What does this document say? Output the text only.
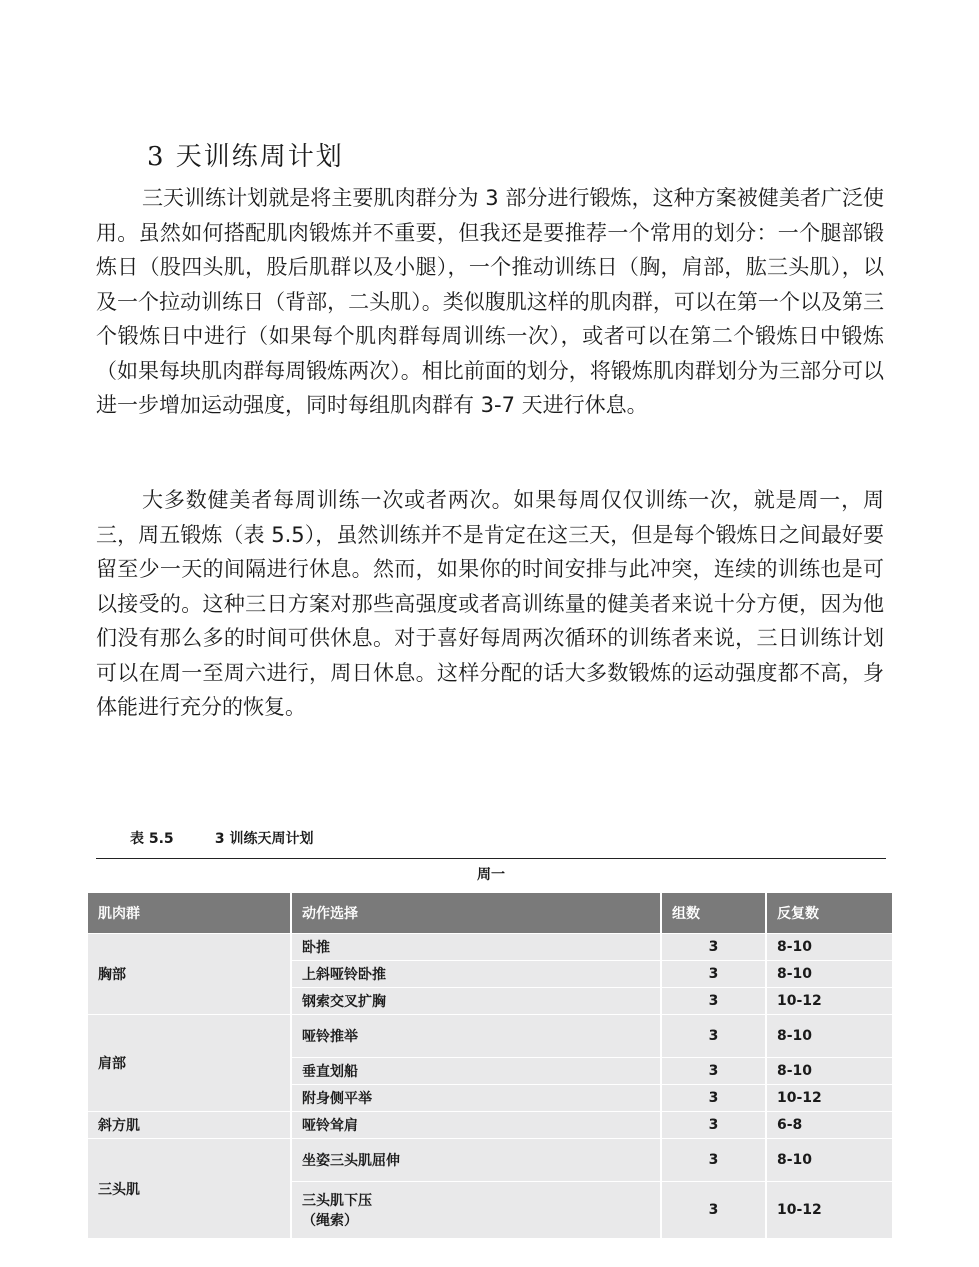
3 天训练周计划

三天训练计划就是将主要肌肉群分为 3 部分进行锻炼，这种方案被健美者广泛使用。虽然如何搭配肌肉锻炼并不重要，但我还是要推荐一个常用的划分：一个腿部锻炼日（股四头肌，股后肌群以及小腿），一个推动训练日（胸，肩部，肱三头肌），以及一个拉动训练日（背部，二头肌）。类似腹肌这样的肌肉群，可以在第一个以及第三个锻炼日中进行（如果每个肌肉群每周训练一次），或者可以在第二个锻炼日中锻炼（如果每块肌肉群每周锻炼两次）。相比前面的划分，将锻炼肌肉群划分为三部分可以进一步增加运动强度，同时每组肌肉群有 3-7 天进行休息。

大多数健美者每周训练一次或者两次。如果每周仅仅训练一次，就是周一，周三，周五锻炼（表 5.5），虽然训练并不是肯定在这三天，但是每个锻炼日之间最好要留至少一天的间隔进行休息。然而，如果你的时间安排与此冲突，连续的训练也是可以接受的。这种三日方案对那些高强度或者高训练量的健美者来说十分方便，因为他们没有那么多的时间可供休息。对于喜好每周两次循环的训练者来说，三日训练计划可以在周一至周六进行，周日休息。这样分配的话大多数锻炼的运动强度都不高，身体能进行充分的恢复。

表 5.5	3 训练天周计划
周一
肌肉群	动作选择	组数	反复数
胸部	卧推	3	8-10

	上斜哑铃卧推	3	8-10

	钢索交叉扩胸	3	10-12
肩部	哑铃推举	3	8-10

	垂直划船	3	8-10

	附身侧平举	3	10-12
斜方肌	哑铃耸肩	3	6-8
三头肌	坐姿三头肌屈伸	3	8-10

	三头肌下压
（绳索）	3	10-12
